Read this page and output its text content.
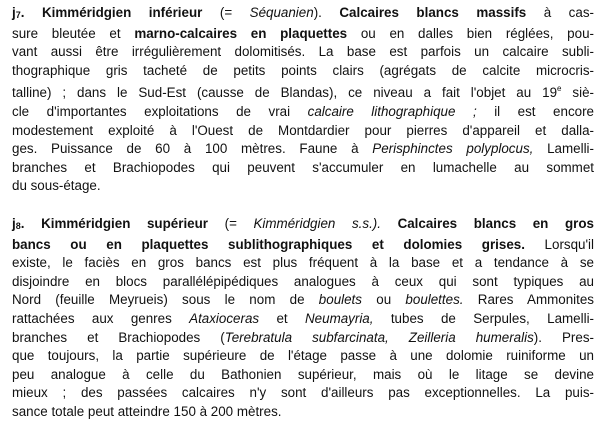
j7. Kimméridgien inférieur (= Séquanien). Calcaires blancs massifs à cas-
sure bleutée et marno-calcaires en plaquettes ou en dalles bien réglées, pou-
vant aussi être irrégulièrement dolomitisés. La base est parfois un calcaire subli-
thographique gris tacheté de petits points clairs (agrégats de calcite microcris-
talline) ; dans le Sud-Est (causse de Blandas), ce niveau a fait l'objet au 19e siè-
cle d'importantes exploitations de vrai calcaire lithographique ; il est encore
modestement exploité à l'Ouest de Montdardier pour pierres d'appareil et dalla-
ges. Puissance de 60 à 100 mètres. Faune à Perisphinctes polyplocus, Lamelli-
branches et Brachiopodes qui peuvent s'accumuler en lumachelle au sommet
du sous-étage.

j8. Kimméridgien supérieur (= Kimméridgien s.s.). Calcaires blancs en gros
bancs ou en plaquettes sublithographiques et dolomies grises. Lorsqu'il
existe, le faciès en gros bancs est plus fréquent à la base et a tendance à se
disjoindre en blocs parallélépipédiques analogues à ceux qui sont typiques au
Nord (feuille Meyrueis) sous le nom de boulets ou boulettes. Rares Ammonites
rattachées aux genres Ataxioceras et Neumayria, tubes de Serpules, Lamelli-
branches et Brachiopodes (Terebratula subfarcinata, Zeilleria humeralis). Pres-
que toujours, la partie supérieure de l'étage passe à une dolomie ruiniforme un
peu analogue à celle du Bathonien supérieur, mais où le litage se devine
mieux ; des passées calcaires n'y sont d'ailleurs pas exceptionnelles. La puis-
sance totale peut atteindre 150 à 200 mètres.
